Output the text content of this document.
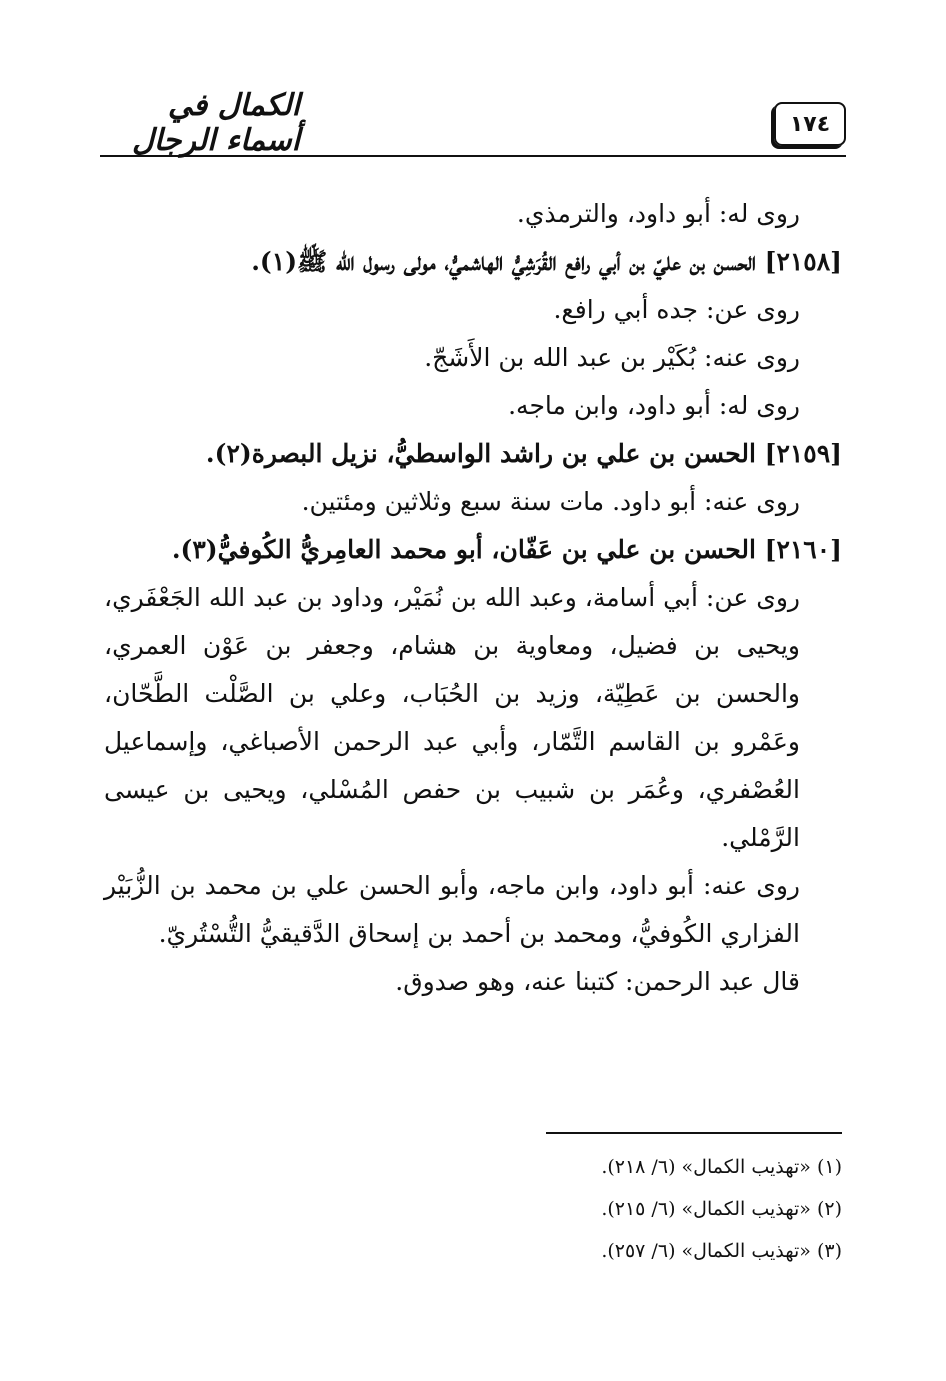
١٧٤
الكمال في أسماء الرجال

روى له: أبو داود، والترمذي.

[٢١٥٨] الحسن بن عليّ بن أبي رافع القُرَشِيُّ الهاشميُّ، مولى رسول الله ﷺ(١).

روى عن: جده أبي رافع.

روى عنه: بُكَيْر بن عبد الله بن الأَشَجّ.

روى له: أبو داود، وابن ماجه.

[٢١٥٩] الحسن بن علي بن راشد الواسطيُّ، نزيل البصرة(٢).

روى عنه: أبو داود. مات سنة سبع وثلاثين ومئتين.

[٢١٦٠] الحسن بن علي بن عَفّان، أبو محمد العامِريُّ الكُوفيُّ(٣).

روى عن: أبي أسامة، وعبد الله بن نُمَيْر، وداود بن عبد الله الجَعْفَري، ويحيى بن فضيل، ومعاوية بن هشام، وجعفر بن عَوْن العمري، والحسن بن عَطِيّة، وزيد بن الحُبَاب، وعلي بن الصَّلْت الطَّحّان، وعَمْرو بن القاسم التَّمّار، وأبي عبد الرحمن الأصباغي، وإسماعيل العُصْفري، وعُمَر بن شبيب بن حفص المُسْلي، ويحيى بن عيسى الرَّمْلي.

روى عنه: أبو داود، وابن ماجه، وأبو الحسن علي بن محمد بن الزُّبَيْر الفزاري الكُوفيُّ، ومحمد بن أحمد بن إسحاق الدَّقيقيُّ التُّسْتُريّ.

قال عبد الرحمن: كتبنا عنه، وهو صدوق.

(١) «تهذيب الكمال» (٦/ ٢١٨).

(٢) «تهذيب الكمال» (٦/ ٢١٥).

(٣) «تهذيب الكمال» (٦/ ٢٥٧).
